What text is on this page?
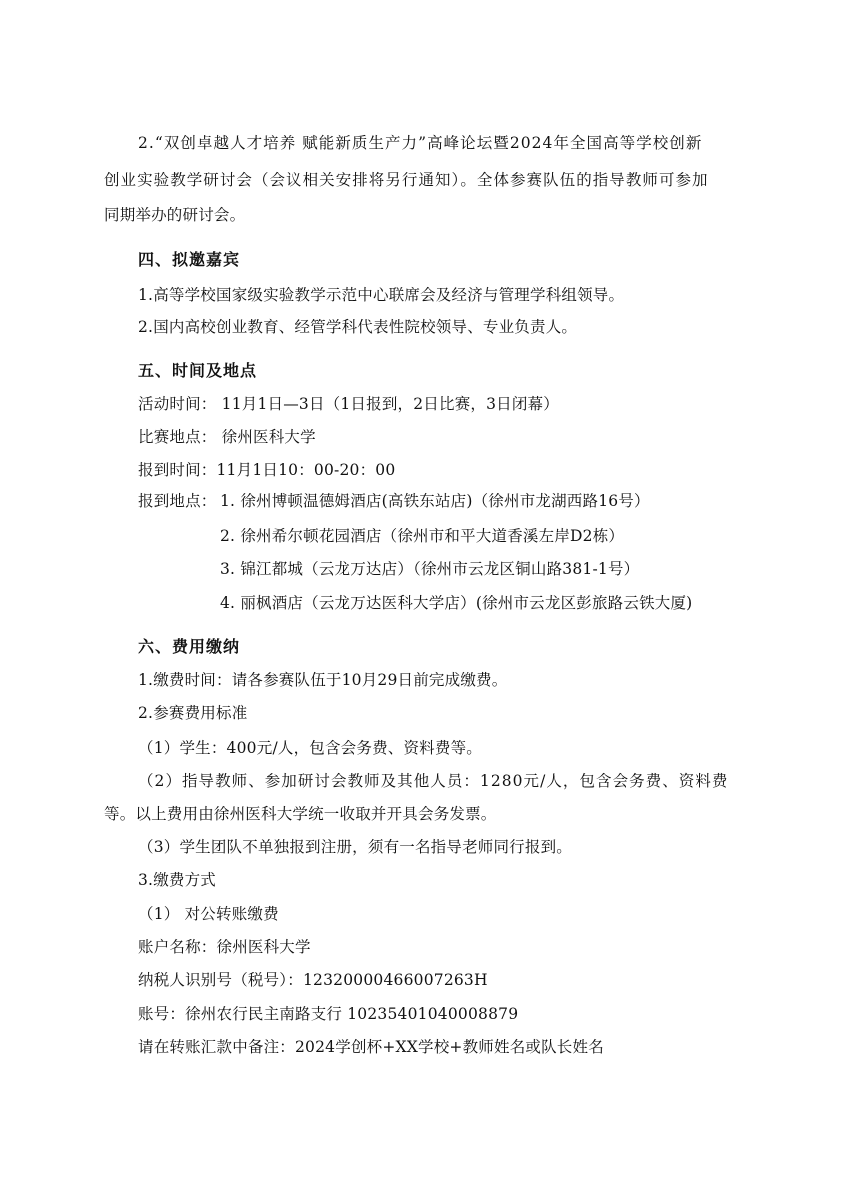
2.“双创卓越人才培养 赋能新质生产力”高峰论坛暨2024年全国高等学校创新
创业实验教学研讨会（会议相关安排将另行通知）。全体参赛队伍的指导教师可参加
同期举办的研讨会。
四、拟邀嘉宾
1.高等学校国家级实验教学示范中心联席会及经济与管理学科组领导。
2.国内高校创业教育、经管学科代表性院校领导、专业负责人。
五、时间及地点
活动时间： 11月1日—3日（1日报到，2日比赛，3日闭幕）
比赛地点： 徐州医科大学
报到时间：11月1日10：00-20：00
报到地点： 1. 徐州博顿温德姆酒店(高铁东站店)（徐州市龙湖西路16号）
2. 徐州希尔顿花园酒店（徐州市和平大道香溪左岸D2栋）
3. 锦江都城（云龙万达店）（徐州市云龙区铜山路381-1号）
4. 丽枫酒店（云龙万达医科大学店）(徐州市云龙区彭旅路云铁大厦)
六、费用缴纳
1.缴费时间：请各参赛队伍于10月29日前完成缴费。
2.参赛费用标准
（1）学生：400元/人，包含会务费、资料费等。
（2）指导教师、参加研讨会教师及其他人员：1280元/人，包含会务费、资料费
等。以上费用由徐州医科大学统一收取并开具会务发票。
（3）学生团队不单独报到注册，须有一名指导老师同行报到。
3.缴费方式
（1） 对公转账缴费
账户名称：徐州医科大学
纳税人识别号（税号）：12320000466007263H
账号：徐州农行民主南路支行 10235401040008879
请在转账汇款中备注：2024学创杯+XX学校+教师姓名或队长姓名
